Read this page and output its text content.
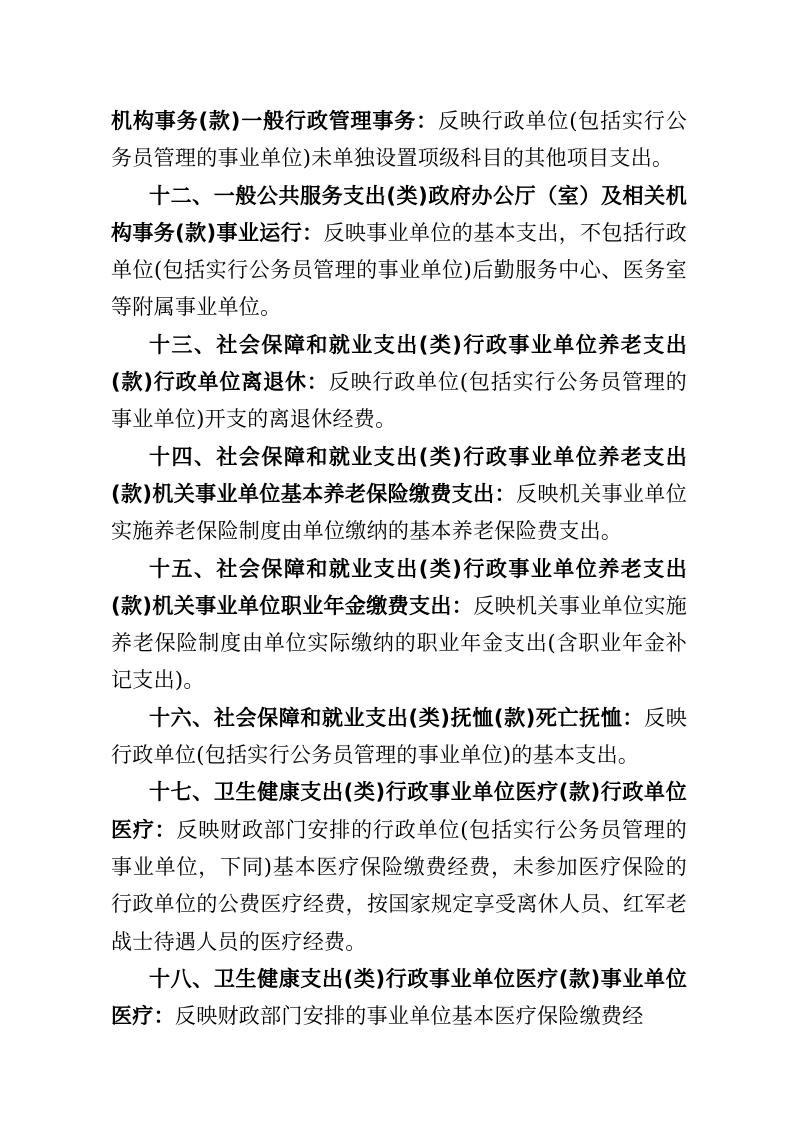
机构事务(款)一般行政管理事务：反映行政单位(包括实行公务员管理的事业单位)未单独设置项级科目的其他项目支出。

十二、一般公共服务支出(类)政府办公厅（室）及相关机构事务(款)事业运行：反映事业单位的基本支出，不包括行政单位(包括实行公务员管理的事业单位)后勤服务中心、医务室等附属事业单位。

十三、社会保障和就业支出(类)行政事业单位养老支出(款)行政单位离退休：反映行政单位(包括实行公务员管理的事业单位)开支的离退休经费。

十四、社会保障和就业支出(类)行政事业单位养老支出(款)机关事业单位基本养老保险缴费支出：反映机关事业单位实施养老保险制度由单位缴纳的基本养老保险费支出。

十五、社会保障和就业支出(类)行政事业单位养老支出(款)机关事业单位职业年金缴费支出：反映机关事业单位实施养老保险制度由单位实际缴纳的职业年金支出(含职业年金补记支出)。

十六、社会保障和就业支出(类)抚恤(款)死亡抚恤：反映行政单位(包括实行公务员管理的事业单位)的基本支出。

十七、卫生健康支出(类)行政事业单位医疗(款)行政单位医疗：反映财政部门安排的行政单位(包括实行公务员管理的事业单位，下同)基本医疗保险缴费经费，未参加医疗保险的行政单位的公费医疗经费，按国家规定享受离休人员、红军老战士待遇人员的医疗经费。

十八、卫生健康支出(类)行政事业单位医疗(款)事业单位医疗：反映财政部门安排的事业单位基本医疗保险缴费经
